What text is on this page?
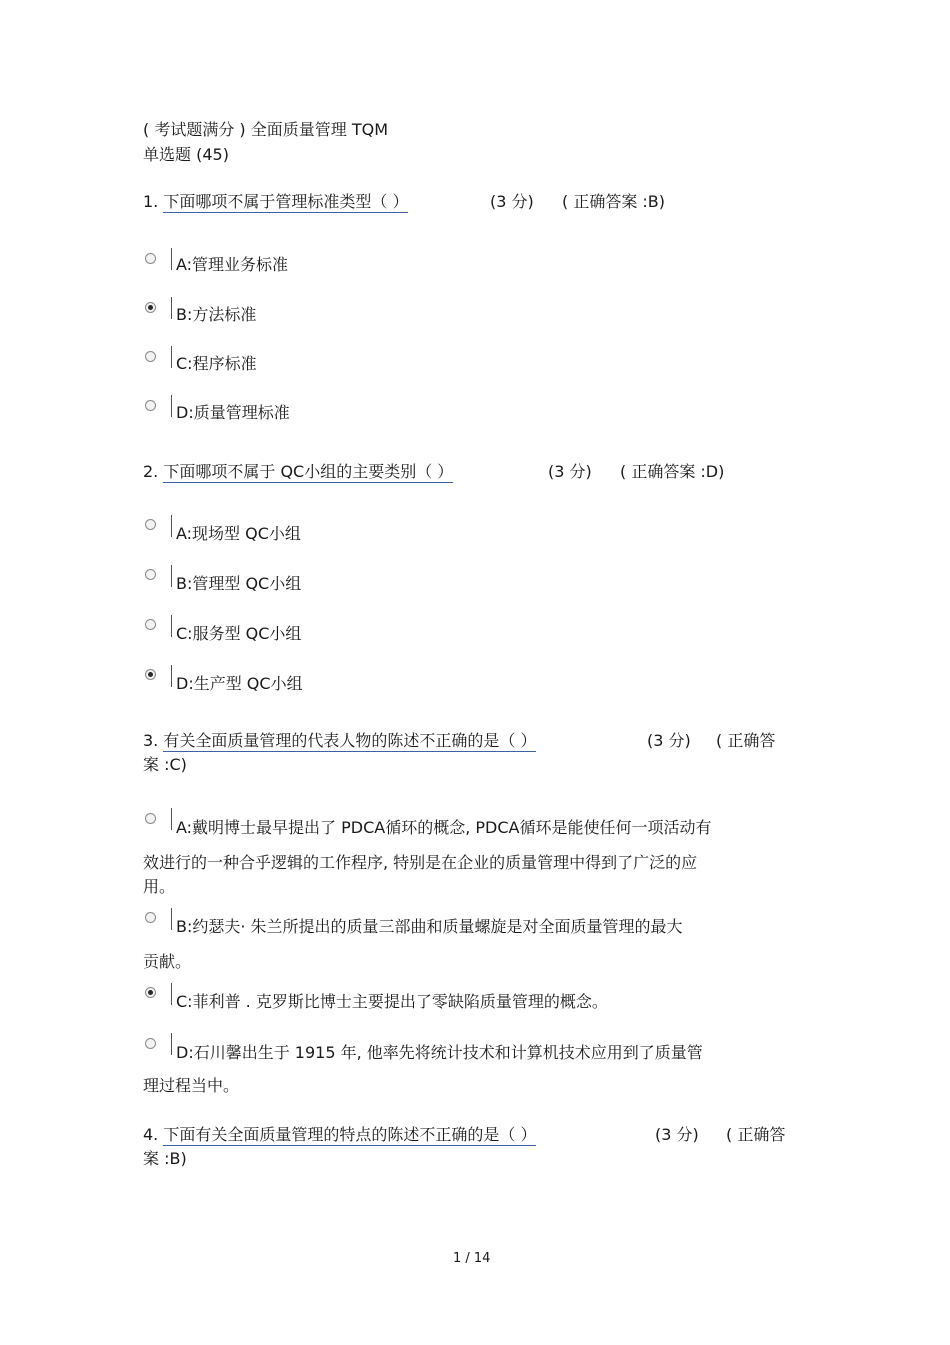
( 考试题满分 ) 全面质量管理 TQM
单选题 (45)
1. 下面哪项不属于管理标准类型（ ）	(3 分) ( 正确答案 :B)
A:管理业务标准
B:方法标准
C:程序标准
D:质量管理标准
2. 下面哪项不属于 QC小组的主要类别（ ）	(3 分) ( 正确答案 :D)
A:现场型 QC小组
B:管理型 QC小组
C:服务型 QC小组
D:生产型 QC小组
3. 有关全面质量管理的代表人物的陈述不正确的是（ ）	(3 分) ( 正确答
案 :C)
A:戴明博士最早提出了 PDCA循环的概念, PDCA循环是能使任何一项活动有
效进行的一种合乎逻辑的工作程序, 特别是在企业的质量管理中得到了广泛的应
用。
B:约瑟夫· 朱兰所提出的质量三部曲和质量螺旋是对全面质量管理的最大
贡献。
C:菲利普 . 克罗斯比博士主要提出了零缺陷质量管理的概念。
D:石川馨出生于 1915 年, 他率先将统计技术和计算机技术应用到了质量管
理过程当中。
4. 下面有关全面质量管理的特点的陈述不正确的是（ ）	(3 分) ( 正确答
案 :B)
1 / 14
